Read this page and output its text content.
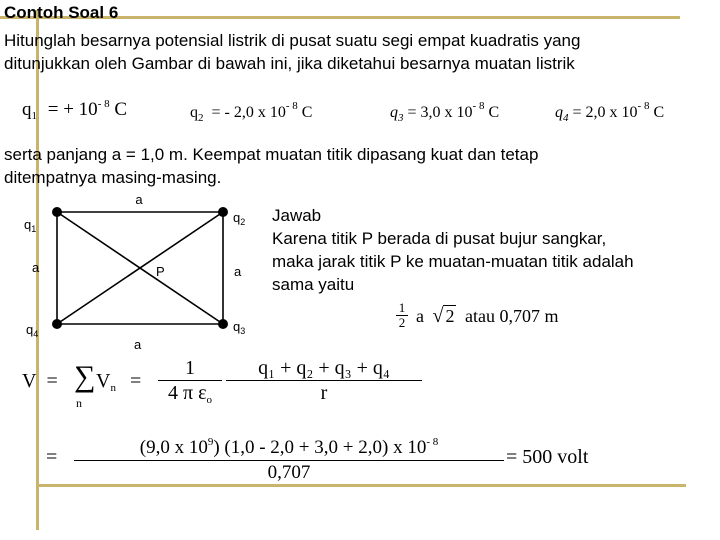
Contoh Soal 6
Hitunglah besarnya potensial listrik di pusat suatu segi empat kuadratis yang
ditunjukkan oleh Gambar di bawah ini, jika diketahui besarnya muatan listrik
$q_1$ = + $10^{- 8}$ C	$q_2$ = - 2,0 x $10^{- 8}$ C	$q_3 = 3,0$ x $10^{- 8}$ C	$q_4 = 2,0$ x $10^{- 8}$ C
serta panjang a = 1,0 m. Keempat muatan titik dipasang kuat dan tetap
ditempatnya masing-masing.
a
$q_1$
$q_2$
a	P	a
$q_4$	$q_3$
a
Jawab
Karena titik P berada di pusat bujur sangkar,
maka jarak titik P ke muatan-muatan titik adalah
sama yaitu
$\frac{1}{2}$ a √ 2 atau 0,707 m
V = ∑
n
$V_n = \frac{1}{4 \pi \varepsilon_o} \frac{\text{q₁ + q₂ + q₃ + q₄}}{r}$
= $\frac{(9,0 x 10^9) (1,0 - 2,0 + 3,0 + 2,0) x 10^{- 8}}{0,707} = 500$ volt
